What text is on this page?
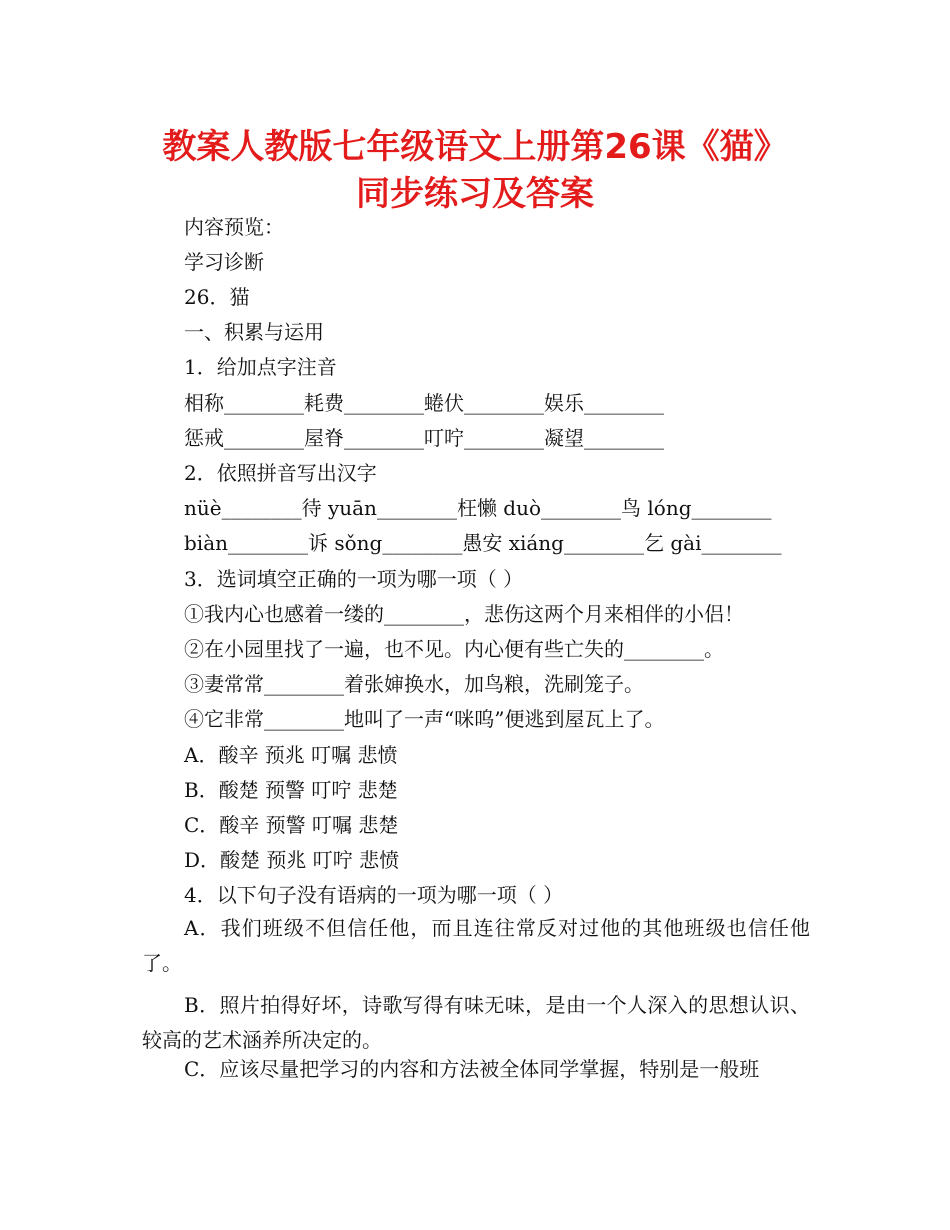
教案人教版七年级语文上册第26课《猫》
同步练习及答案
内容预览：
学习诊断
26．猫
一、积累与运用
1．给加点字注音
相称________耗费________蜷伏________娱乐________
惩戒________屋脊________叮咛________凝望________
2．依照拼音写出汉字
nüè________待 yuān________枉懒 duò________鸟 lóng________
biàn________诉 sǒng________愚安 xiáng________乞 gài________
3．选词填空正确的一项为哪一项（ ）
①我内心也感着一缕的________，悲伤这两个月来相伴的小侣！
②在小园里找了一遍，也不见。内心便有些亡失的________。
③妻常常________着张婶换水，加鸟粮，洗刷笼子。
④它非常________地叫了一声“咪呜”便逃到屋瓦上了。
A．酸辛 预兆 叮嘱 悲愤
B．酸楚 预警 叮咛 悲楚
C．酸辛 预警 叮嘱 悲楚
D．酸楚 预兆 叮咛 悲愤
4．以下句子没有语病的一项为哪一项（ ）
A．我们班级不但信任他，而且连往常反对过他的其他班级也信任他了。
B．照片拍得好坏，诗歌写得有味无味，是由一个人深入的思想认识、较高的艺术涵养所决定的。
C．应该尽量把学习的内容和方法被全体同学掌握，特别是一般班
